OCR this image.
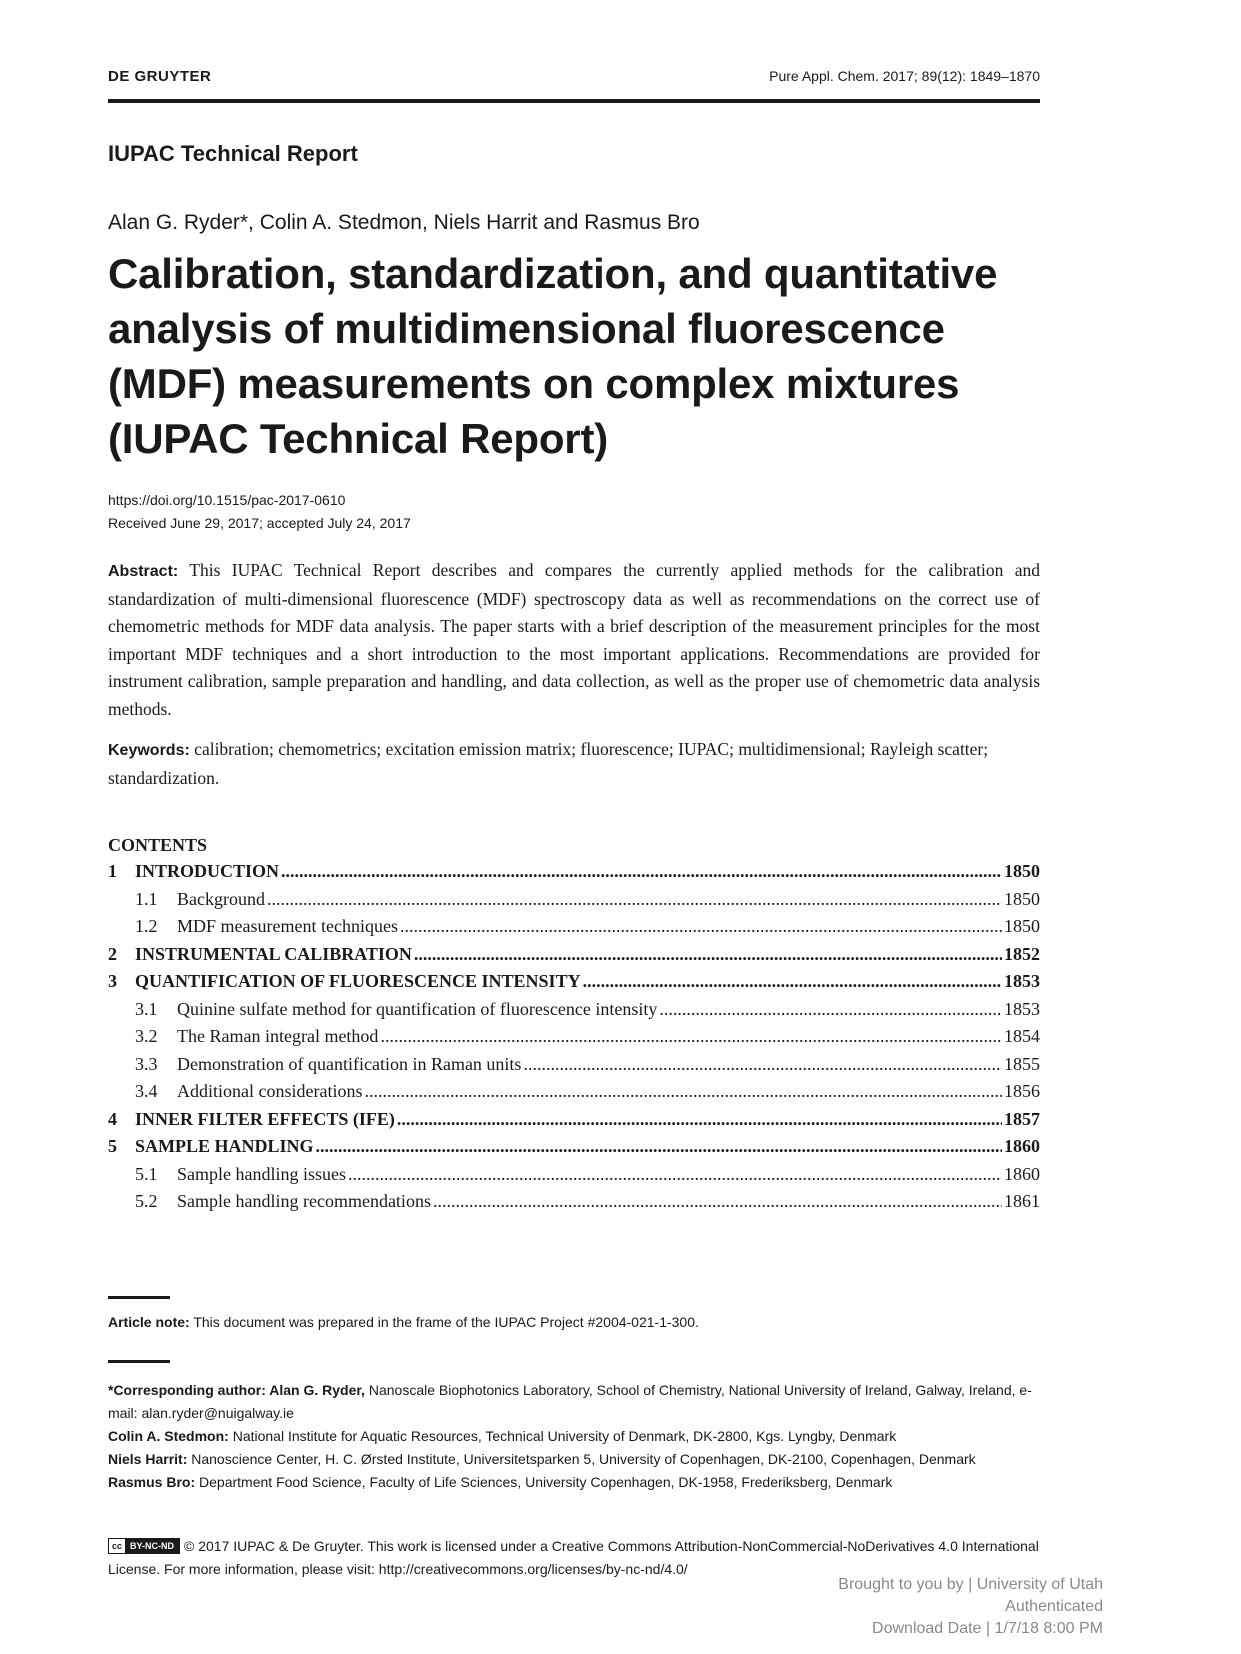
DE GRUYTER	Pure Appl. Chem. 2017; 89(12): 1849–1870
IUPAC Technical Report
Alan G. Ryder*, Colin A. Stedmon, Niels Harrit and Rasmus Bro
Calibration, standardization, and quantitative
analysis of multidimensional fluorescence
(MDF) measurements on complex mixtures
(IUPAC Technical Report)
https://doi.org/10.1515/pac-2017-0610
Received June 29, 2017; accepted July 24, 2017
Abstract: This IUPAC Technical Report describes and compares the currently applied methods for the calibration and standardization of multi-dimensional fluorescence (MDF) spectroscopy data as well as recommendations on the correct use of chemometric methods for MDF data analysis. The paper starts with a brief description of the measurement principles for the most important MDF techniques and a short introduction to the most important applications. Recommendations are provided for instrument calibration, sample preparation and handling, and data collection, as well as the proper use of chemometric data analysis methods.
Keywords: calibration; chemometrics; excitation emission matrix; fluorescence; IUPAC; multidimensional; Rayleigh scatter; standardization.
CONTENTS
1	INTRODUCTION .....	1850
1.1	Background .....	1850
1.2	MDF measurement techniques .....	1850
2	INSTRUMENTAL CALIBRATION .....	1852
3	QUANTIFICATION OF FLUORESCENCE INTENSITY .....	1853
3.1	Quinine sulfate method for quantification of fluorescence intensity .....	1853
3.2	The Raman integral method .....	1854
3.3	Demonstration of quantification in Raman units .....	1855
3.4	Additional considerations .....	1856
4	INNER FILTER EFFECTS (IFE) .....	1857
5	SAMPLE HANDLING .....	1860
5.1	Sample handling issues .....	1860
5.2	Sample handling recommendations .....	1861
Article note: This document was prepared in the frame of the IUPAC Project #2004-021-1-300.
*Corresponding author: Alan G. Ryder, Nanoscale Biophotonics Laboratory, School of Chemistry, National University of Ireland, Galway, Ireland, e-mail: alan.ryder@nuigalway.ie
Colin A. Stedmon: National Institute for Aquatic Resources, Technical University of Denmark, DK-2800, Kgs. Lyngby, Denmark
Niels Harrit: Nanoscience Center, H. C. Ørsted Institute, Universitetsparken 5, University of Copenhagen, DK-2100, Copenhagen, Denmark
Rasmus Bro: Department Food Science, Faculty of Life Sciences, University Copenhagen, DK-1958, Frederiksberg, Denmark
cc BY-NC-ND © 2017 IUPAC & De Gruyter. This work is licensed under a Creative Commons Attribution-NonCommercial-NoDerivatives 4.0 International License. For more information, please visit: http://creativecommons.org/licenses/by-nc-nd/4.0/
Brought to you by | University of Utah
Authenticated
Download Date | 1/7/18 8:00 PM
